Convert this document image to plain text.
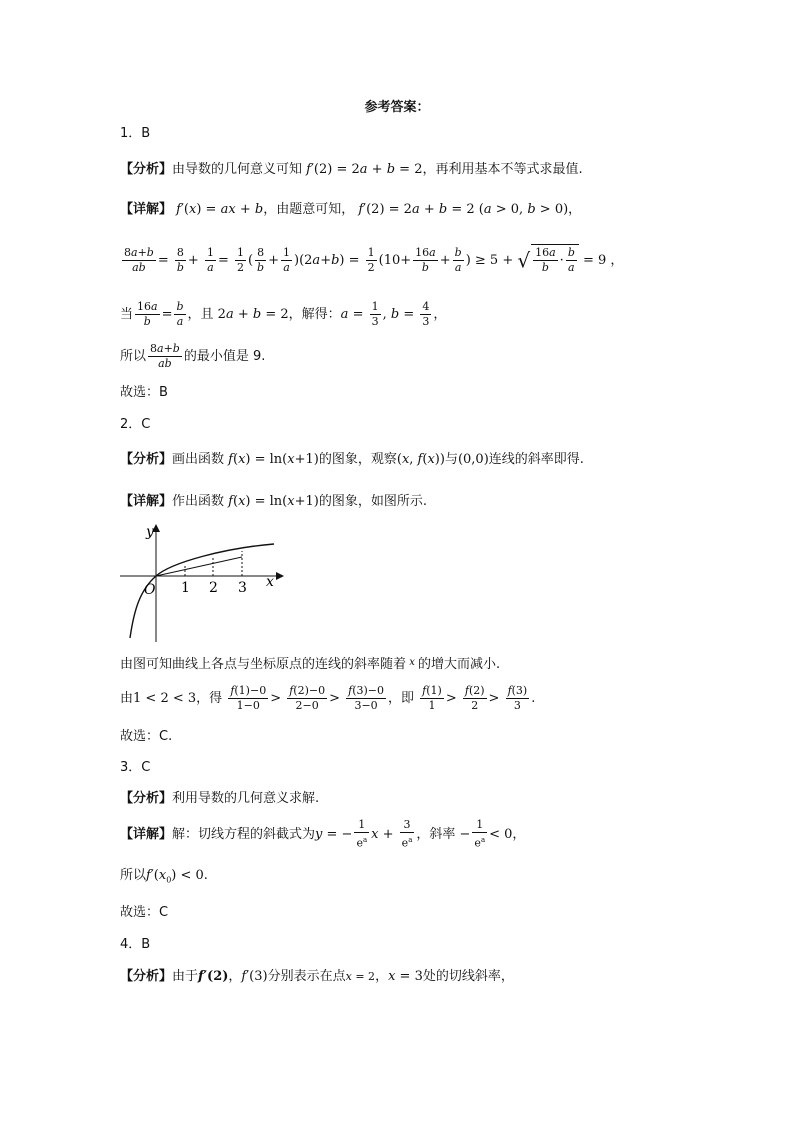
参考答案：
1．B
【分析】由导数的几何意义可知 f′(2) = 2a + b = 2，再利用基本不等式求最值.
【详解】 f′(x) = ax + b，由题意可知， f′(2) = 2a + b = 2 (a > 0, b > 0)，
$\frac{8a+b}{ab} = \frac{8}{b} + \frac{1}{a} = \frac{1}{2}$ ( $\frac{8}{b} + \frac{1}{a} )(2a+b) = \frac{1}{2} (10+ \frac{16a}{b} + \frac{b}{a}$ ) ≥ 5 + √ $\frac{16a}{b} \cdot \frac{b}{a} = 9$ ，
当 $\frac{16a}{b} = \frac{b}{a}$ ，且 2a + b = 2，解得：$a = \frac{1}{3}$ , $b = \frac{4}{3}$ ，
所以 $\frac{8a+b}{ab}$ 的最小值是 9.
故选：B
2．C
【分析】画出函数 f(x) = ln(x+1)的图象，观察(x, f(x))与(0,0)连线的斜率即得.
【详解】作出函数 f(x) = ln(x+1)的图象，如图所示.
y
x
O 1 2 3
由图可知曲线上各点与坐标原点的连线的斜率随着 $^x$ 的增大而减小.
由1 < 2 < 3，得 $\frac{f(1)-0}{1-0} > \frac{f(2)-0}{2-0} > \frac{f(3)-0}{3-0}$ ，即 $\frac{f(1)}{1} > \frac{f(2)}{2} > \frac{f(3)}{3}$ .
故选：C.
3．C
【分析】利用导数的几何意义求解.
【详解】解：切线方程的斜截式为y = − $\frac{1}{e^a}$ $x + \frac{3}{e^a}$ ，斜率 − $\frac{1}{e^a} < 0$，
所以$f'(x_0) < 0$.
故选：C
4．B
【分析】由于f′(2)，f′(3)分别表示在点x = 2，x = 3处的切线斜率，
